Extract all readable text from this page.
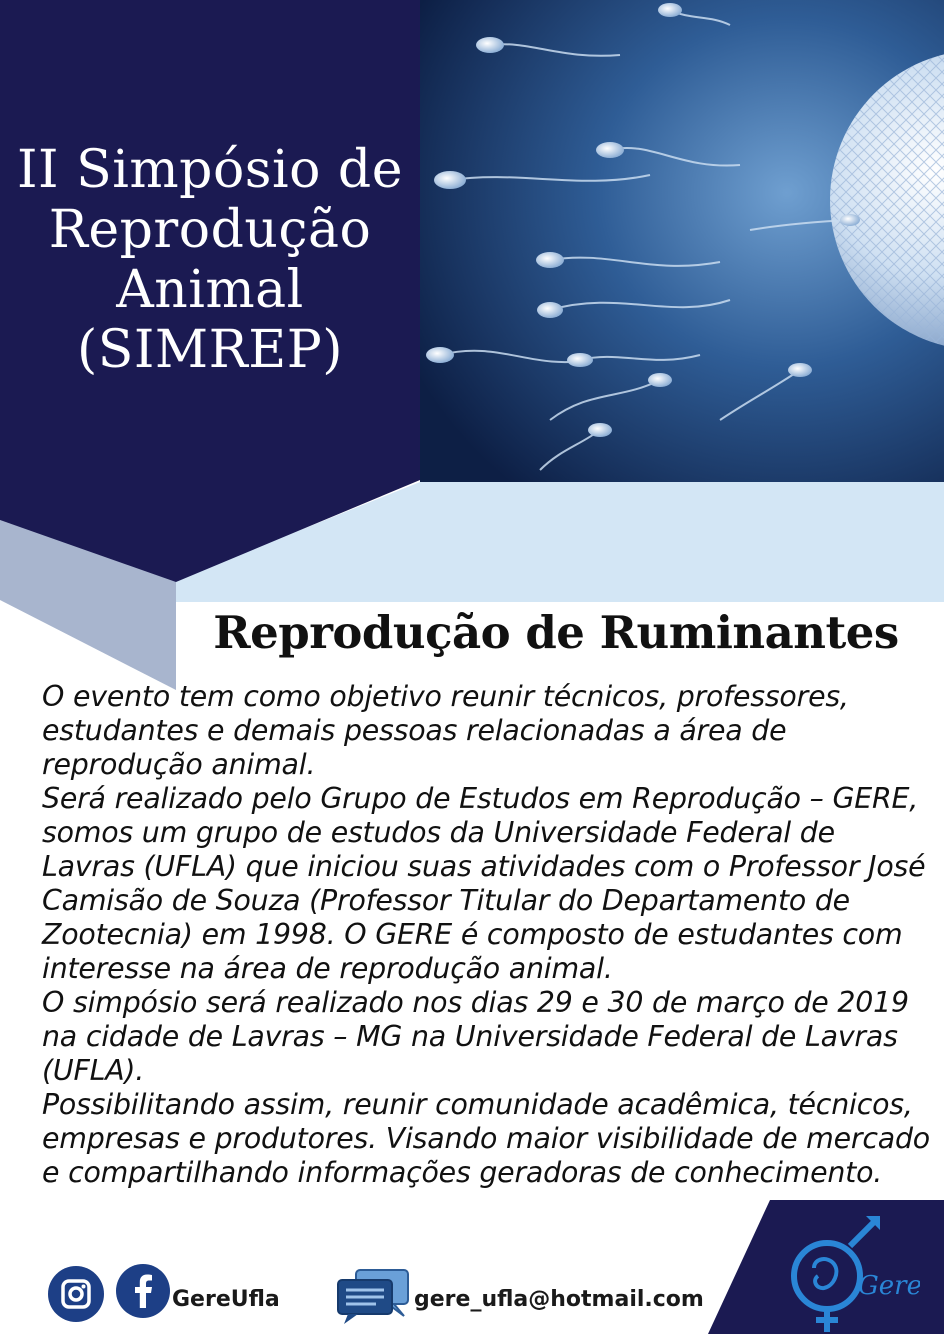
II Simpósio de
Reprodução
Animal
(SIMREP)
Reprodução de Ruminantes

O evento tem como objetivo reunir técnicos, professores, estudantes e demais pessoas relacionadas a área de reprodução animal.

Será realizado pelo Grupo de Estudos em Reprodução – GERE, somos um grupo de estudos da Universidade Federal de Lavras (UFLA) que iniciou suas atividades com o Professor José Camisão de Souza (Professor Titular do Departamento de Zootecnia) em 1998. O GERE é composto de estudantes com interesse na área de reprodução animal.

O simpósio será realizado nos dias 29 e 30 de março de 2019 na cidade de Lavras – MG na Universidade Federal de Lavras (UFLA).

Possibilitando assim, reunir comunidade acadêmica, técnicos, empresas e produtores. Visando maior visibilidade de mercado e compartilhando informações geradoras de conhecimento.

GereUfla	gere_ufla@hotmail.com	Gere
